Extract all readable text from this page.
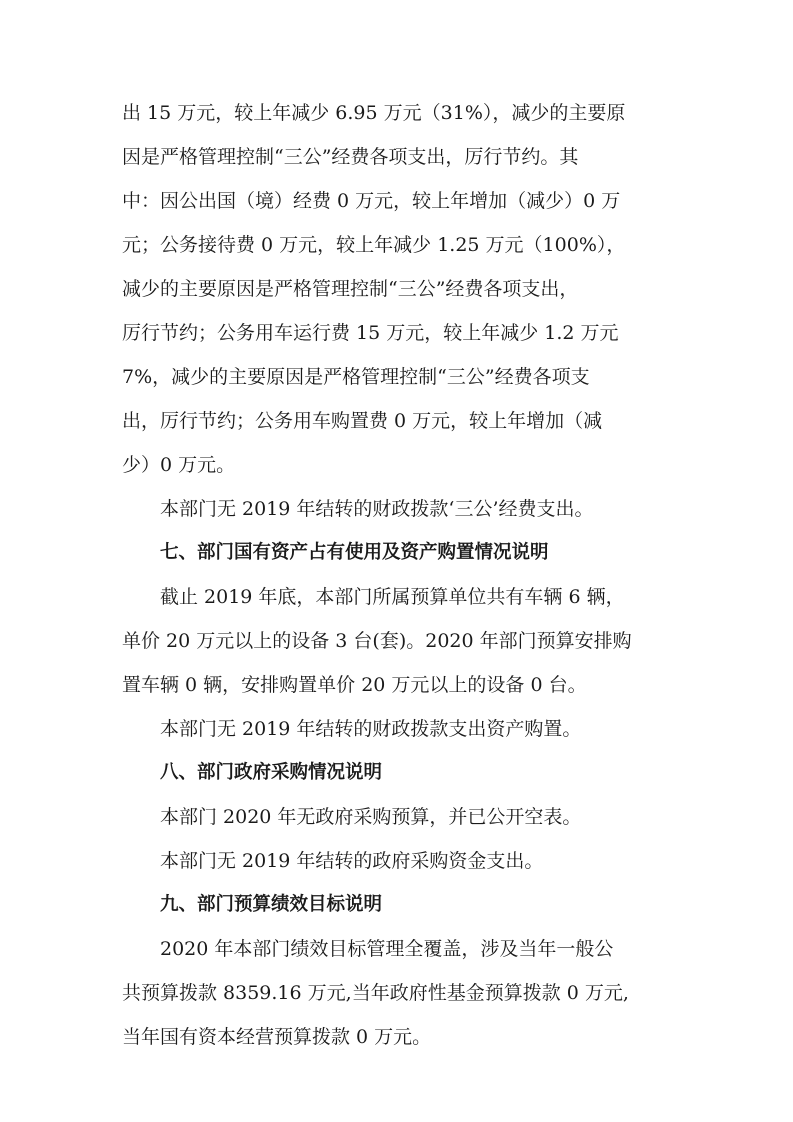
出 15 万元，较上年减少 6.95 万元（31%），减少的主要原
因是严格管理控制“三公”经费各项支出，厉行节约。其
中：因公出国（境）经费 0 万元，较上年增加（减少）0 万
元；公务接待费 0 万元，较上年减少 1.25 万元（100%），
减少的主要原因是严格管理控制“三公”经费各项支出，
厉行节约；公务用车运行费 15 万元，较上年减少 1.2 万元
7%，减少的主要原因是严格管理控制“三公”经费各项支
出，厉行节约；公务用车购置费 0 万元，较上年增加（减
少）0 万元。
本部门无 2019 年结转的财政拨款‘三公’经费支出。
七、部门国有资产占有使用及资产购置情况说明
截止 2019 年底，本部门所属预算单位共有车辆 6 辆，
单价 20 万元以上的设备 3 台(套)。2020 年部门预算安排购
置车辆 0 辆，安排购置单价 20 万元以上的设备 0 台。
本部门无 2019 年结转的财政拨款支出资产购置。
八、部门政府采购情况说明
本部门 2020 年无政府采购预算，并已公开空表。
本部门无 2019 年结转的政府采购资金支出。
九、部门预算绩效目标说明
2020 年本部门绩效目标管理全覆盖，涉及当年一般公
共预算拨款 8359.16 万元,当年政府性基金预算拨款 0 万元,
当年国有资本经营预算拨款 0 万元。
